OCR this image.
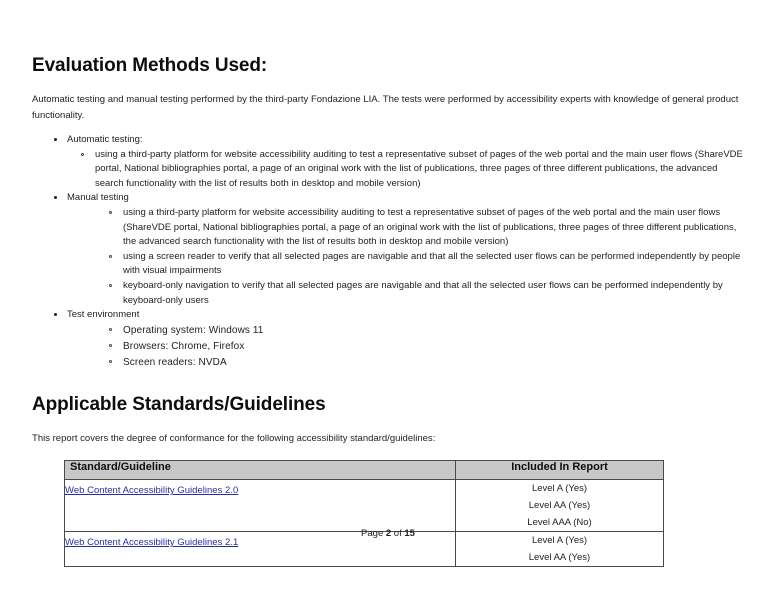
Evaluation Methods Used:

Automatic testing and manual testing performed by the third-party Fondazione LIA. The tests were performed by accessibility experts with knowledge of general product functionality.

Automatic testing:
using a third-party platform for website accessibility auditing to test a representative subset of pages of the web portal and the main user flows (ShareVDE portal, National bibliographies portal, a page of an original work with the list of publications, three pages of three different publications, the advanced search functionality with the list of results both in desktop and mobile version)
Manual testing
using a third-party platform for website accessibility auditing to test a representative subset of pages of the web portal and the main user flows (ShareVDE portal, National bibliographies portal, a page of an original work with the list of publications, three pages of three different publications, the advanced search functionality with the list of results both in desktop and mobile version)
using a screen reader to verify that all selected pages are navigable and that all the selected user flows can be performed independently by people with visual impairments
keyboard-only navigation to verify that all selected pages are navigable and that all the selected user flows can be performed independently by keyboard-only users
Test environment
Operating system: Windows 11
Browsers: Chrome, Firefox
Screen readers: NVDA
Applicable Standards/Guidelines

This report covers the degree of conformance for the following accessibility standard/guidelines:

Standard/Guideline	Included In Report
Web Content Accessibility Guidelines 2.0	Level A (Yes)
Level AA (Yes)
Level AAA (No)

Web Content Accessibility Guidelines 2.1	Level A (Yes)
Level AA (Yes)
Page 2 of 15
